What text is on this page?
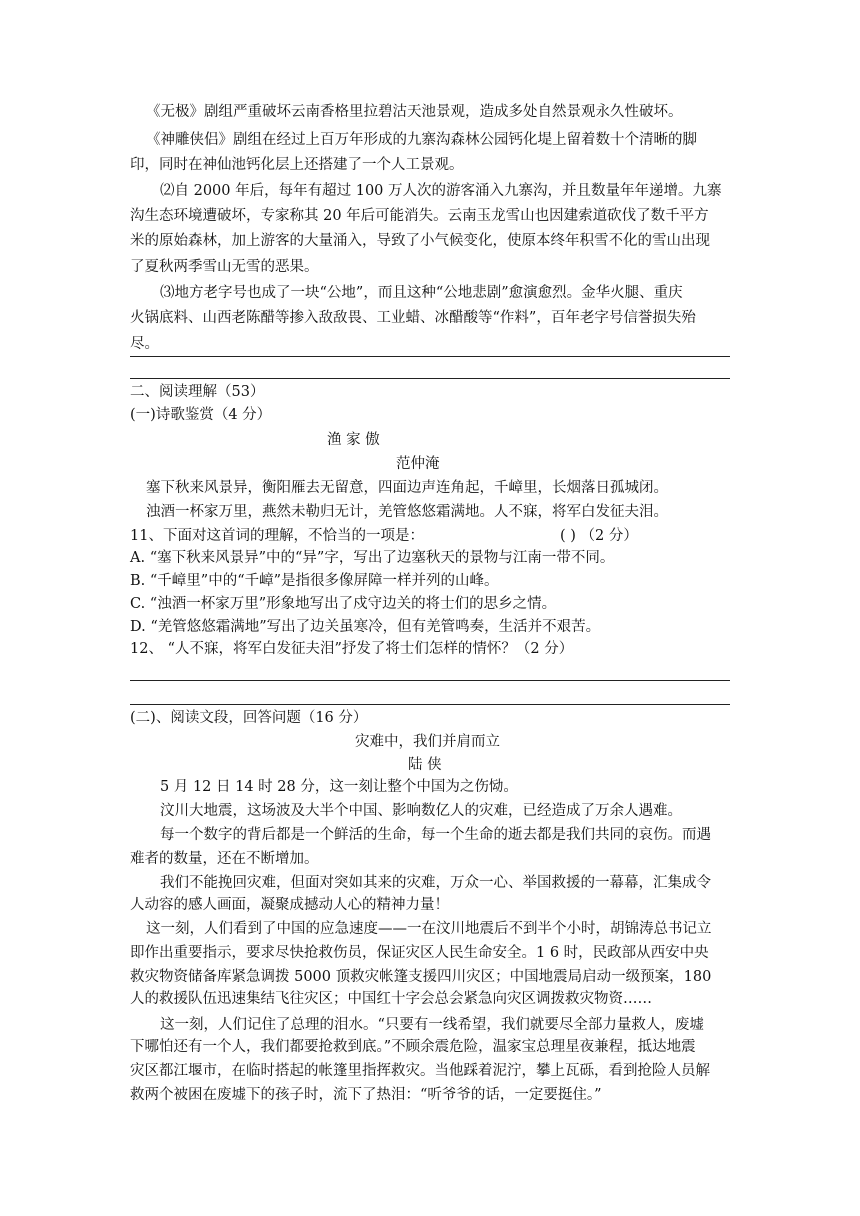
《无极》剧组严重破坏云南香格里拉碧沽天池景观，造成多处自然景观永久性破坏。
《神雕侠侣》剧组在经过上百万年形成的九寨沟森林公园钙化堤上留着数十个清晰的脚
印，同时在神仙池钙化层上还搭建了一个人工景观。
⑵自 2000 年后，每年有超过 100 万人次的游客涌入九寨沟，并且数量年年递增。九寨
沟生态环境遭破坏，专家称其 20 年后可能消失。云南玉龙雪山也因建索道砍伐了数千平方
米的原始森林，加上游客的大量涌入，导致了小气候变化，使原本终年积雪不化的雪山出现
了夏秋两季雪山无雪的恶果。
⑶地方老字号也成了一块“公地”，而且这种“公地悲剧”愈演愈烈。金华火腿、重庆
火锅底料、山西老陈醋等掺入敌敌畏、工业蜡、冰醋酸等“作料”，百年老字号信誉损失殆
尽。
二、阅读理解（53）
(一)诗歌鉴赏（4 分）
渔 家 傲
范仲淹
塞下秋来风景异，衡阳雁去无留意，四面边声连角起，千嶂里，长烟落日孤城闭。
浊酒一杯家万里，燕然未勒归无计，羌管悠悠霜满地。人不寐，将军白发征夫泪。
11、下面对这首词的理解，不恰当的一项是：	( ) （2 分）
A. “塞下秋来风景异”中的“异”字，写出了边塞秋天的景物与江南一带不同。
B. “千嶂里”中的“千嶂”是指很多像屏障一样并列的山峰。
C. “浊酒一杯家万里”形象地写出了戍守边关的将士们的思乡之情。
D. “羌管悠悠霜满地”写出了边关虽寒冷，但有羌管鸣奏，生活并不艰苦。
12、 “人不寐，将军白发征夫泪”抒发了将士们怎样的情怀？（2 分）
(二)、阅读文段，回答问题（16 分）
灾难中，我们并肩而立
陆 侠
5 月 12 日 14 时 28 分，这一刻让整个中国为之伤恸。
汶川大地震，这场波及大半个中国、影响数亿人的灾难，已经造成了万余人遇难。
每一个数字的背后都是一个鲜活的生命，每一个生命的逝去都是我们共同的哀伤。而遇
难者的数量，还在不断增加。
我们不能挽回灾难，但面对突如其来的灾难，万众一心、举国救援的一幕幕，汇集成令
人动容的感人画面，凝聚成撼动人心的精神力量！
这一刻，人们看到了中国的应急速度——一在汶川地震后不到半个小时，胡锦涛总书记立
即作出重要指示，要求尽快抢救伤员，保证灾区人民生命安全。1 6 时，民政部从西安中央
救灾物资储备库紧急调拨 5000 顶救灾帐篷支援四川灾区；中国地震局启动一级预案，180
人的救援队伍迅速集结飞往灾区；中国红十字会总会紧急向灾区调拨救灾物资……
这一刻，人们记住了总理的泪水。“只要有一线希望，我们就要尽全部力量救人，废墟
下哪怕还有一个人，我们都要抢救到底。”不顾余震危险，温家宝总理星夜兼程，抵达地震
灾区都江堰市，在临时搭起的帐篷里指挥救灾。当他踩着泥泞，攀上瓦砾，看到抢险人员解
救两个被困在废墟下的孩子时，流下了热泪：“听爷爷的话，一定要挺住。”
